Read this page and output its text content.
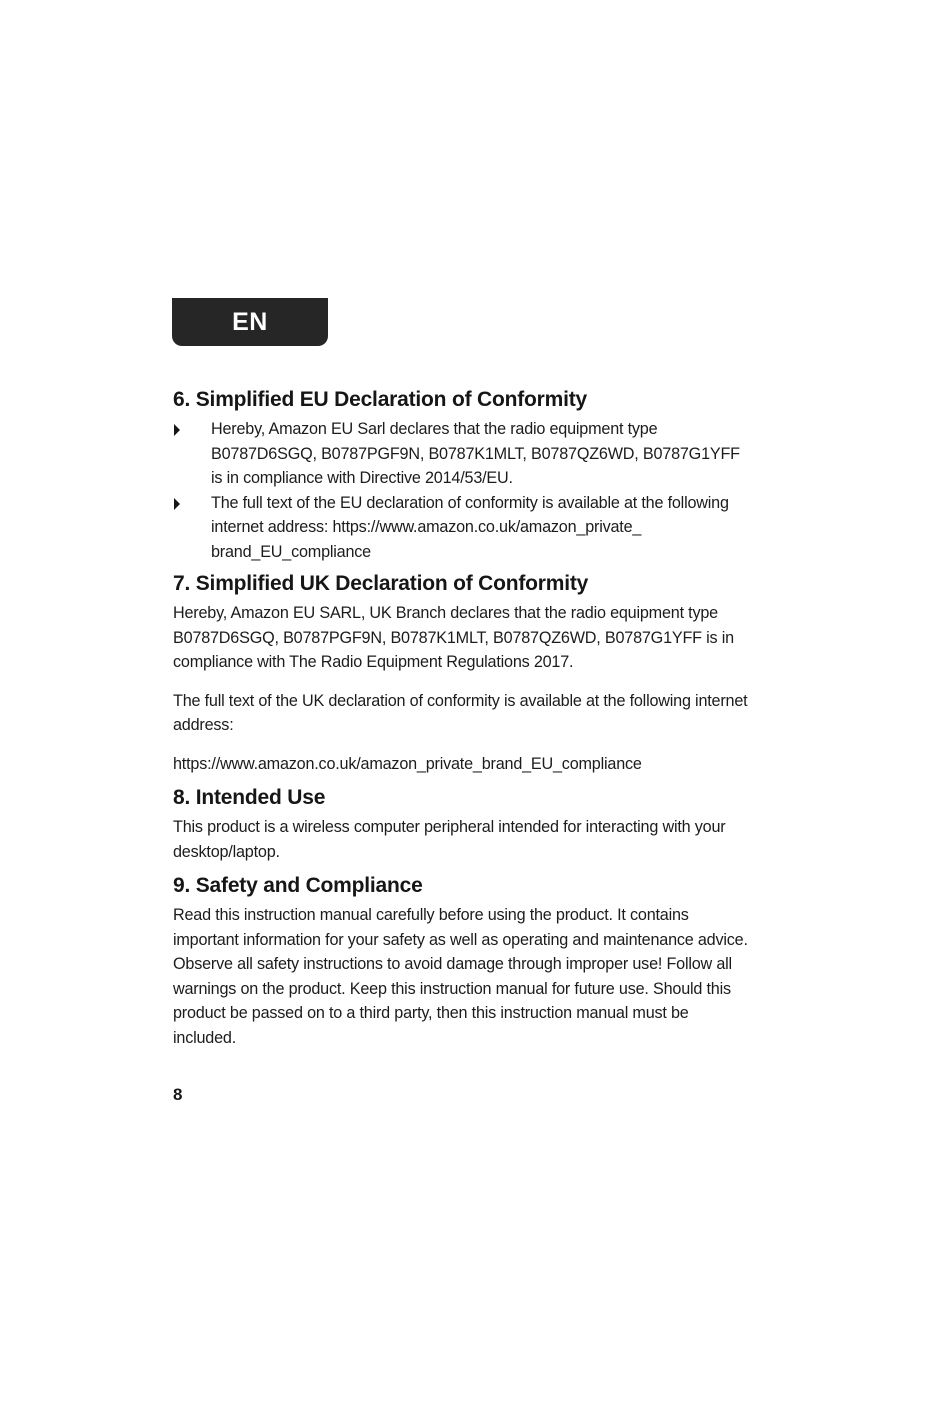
EN
6. Simplified EU Declaration of Conformity
Hereby, Amazon EU Sarl declares that the radio equipment type B0787D6SGQ, B0787PGF9N, B0787K1MLT, B0787QZ6WD, B0787G1YFF is in compliance with Directive 2014/53/EU.
The full text of the EU declaration of conformity is available at the following internet address: https://www.amazon.co.uk/amazon_private_ brand_EU_compliance
7. Simplified UK Declaration of Conformity

Hereby, Amazon EU SARL, UK Branch declares that the radio equipment type B0787D6SGQ, B0787PGF9N, B0787K1MLT, B0787QZ6WD, B0787G1YFF is in compliance with The Radio Equipment Regulations 2017.

The full text of the UK declaration of conformity is available at the following internet address:

https://www.amazon.co.uk/amazon_private_brand_EU_compliance

8. Intended Use

This product is a wireless computer peripheral intended for interacting with your desktop/laptop.

9. Safety and Compliance

Read this instruction manual carefully before using the product. It contains important information for your safety as well as operating and maintenance advice. Observe all safety instructions to avoid damage through improper use! Follow all warnings on the product. Keep this instruction manual for future use. Should this product be passed on to a third party, then this instruction manual must be included.

8
